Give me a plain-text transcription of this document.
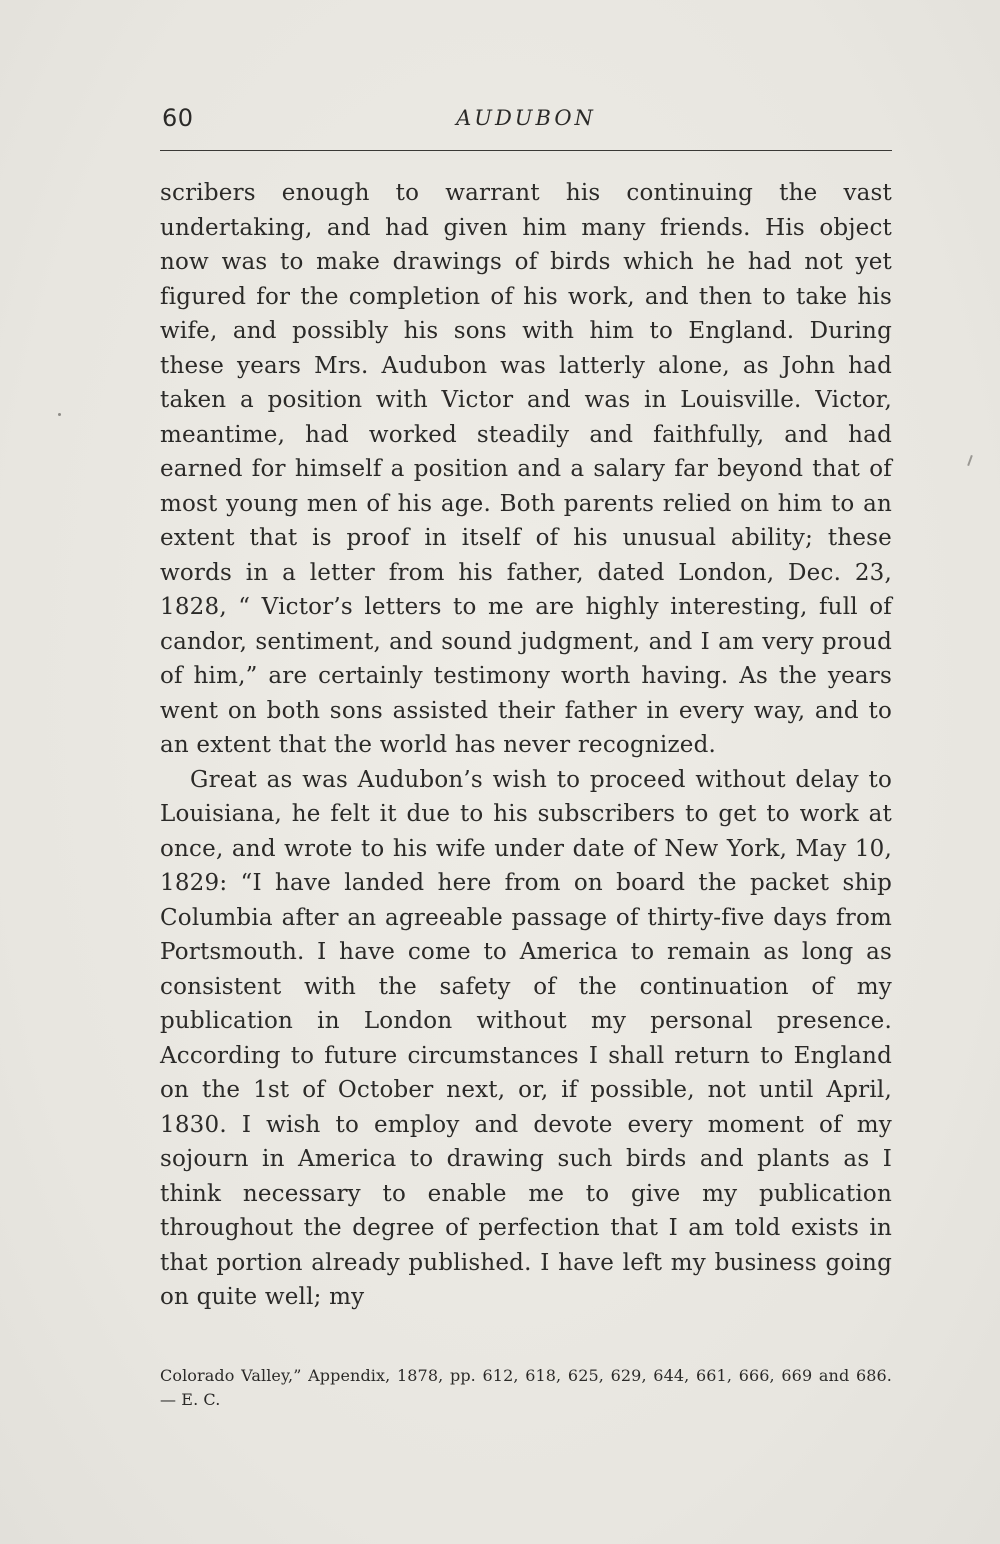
60	AUDUBON

scribers enough to warrant his continuing the vast undertaking, and had given him many friends. His object now was to make drawings of birds which he had not yet figured for the completion of his work, and then to take his wife, and possibly his sons with him to England. During these years Mrs. Audubon was latterly alone, as John had taken a position with Victor and was in Louisville. Victor, meantime, had worked steadily and faithfully, and had earned for himself a position and a salary far beyond that of most young men of his age. Both parents relied on him to an extent that is proof in itself of his unusual ability; these words in a letter from his father, dated London, Dec. 23, 1828, “ Victor’s letters to me are highly interesting, full of candor, sentiment, and sound judgment, and I am very proud of him,” are certainly testimony worth having. As the years went on both sons assisted their father in every way, and to an extent that the world has never recognized.

Great as was Audubon’s wish to proceed without delay to Louisiana, he felt it due to his subscribers to get to work at once, and wrote to his wife under date of New York, May 10, 1829: “I have landed here from on board the packet ship Columbia after an agreeable passage of thirty-five days from Portsmouth. I have come to America to remain as long as consistent with the safety of the continuation of my publication in London without my personal presence. According to future circumstances I shall return to England on the 1st of October next, or, if possible, not until April, 1830. I wish to employ and devote every moment of my sojourn in America to drawing such birds and plants as I think necessary to enable me to give my publication throughout the degree of perfection that I am told exists in that portion already published. I have left my business going on quite well; my

Colorado Valley,” Appendix, 1878, pp. 612, 618, 625, 629, 644, 661, 666, 669 and 686. — E. C.
